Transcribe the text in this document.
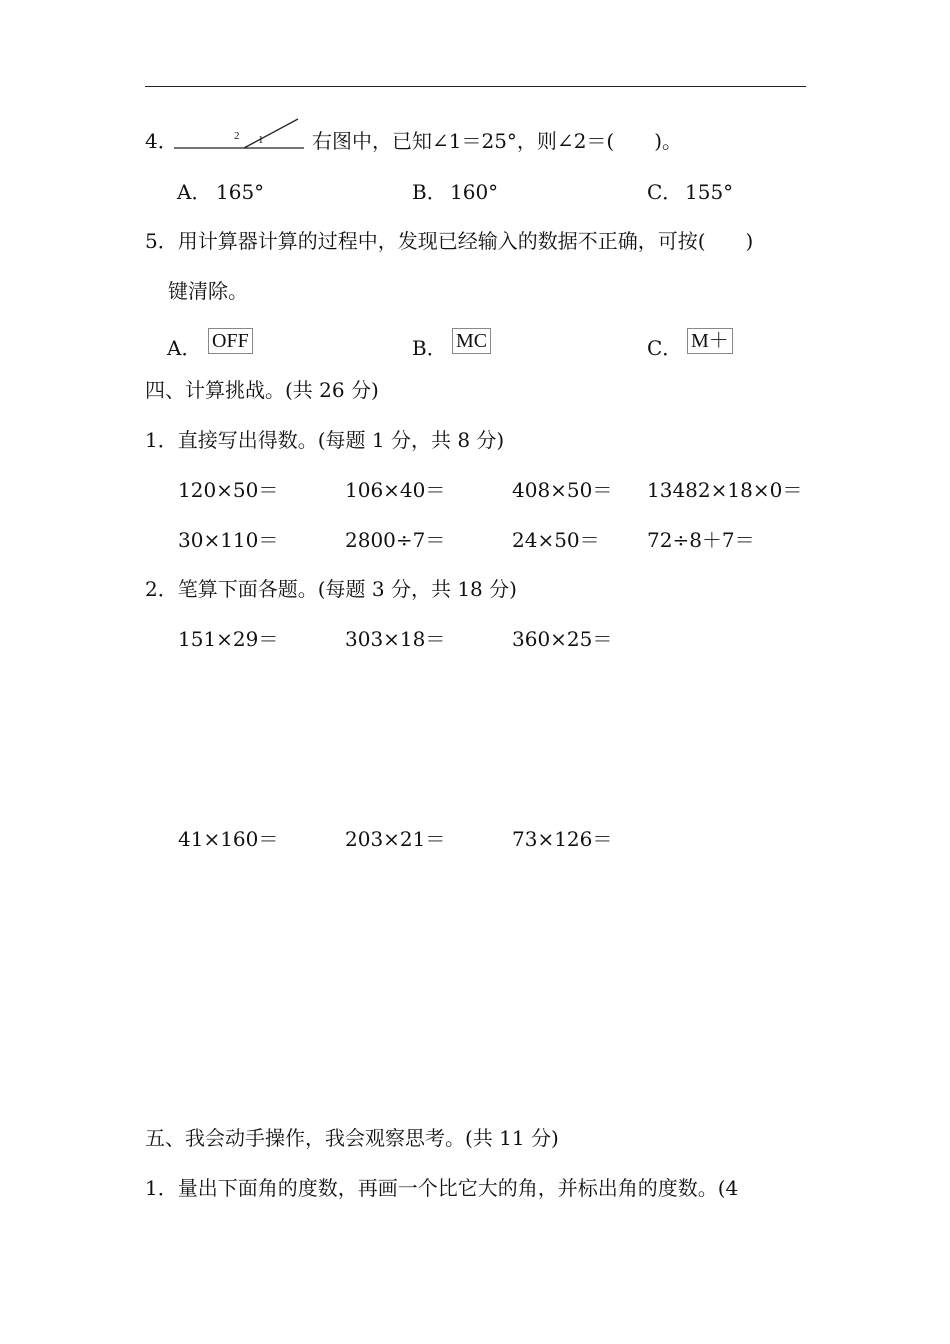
4．	2 1 右图中，已知∠1＝25°，则∠2＝(　　)。
A． 165°	B． 160°	C． 155°
5．用计算器计算的过程中，发现已经输入的数据不正确，可按(　　)
键清除。
A． OFF	B． MC	C． M＋
四、计算挑战。(共 26 分)
1．直接写出得数。(每题 1 分，共 8 分)
120×50＝	106×40＝	408×50＝ 13482×18×0＝
30×110＝	2800÷7＝	24×50＝ 72÷8＋7＝
2．笔算下面各题。(每题 3 分，共 18 分)
151×29＝	303×18＝	360×25＝
41×160＝	203×21＝	73×126＝
五、我会动手操作，我会观察思考。(共 11 分)
1．量出下面角的度数，再画一个比它大的角，并标出角的度数。(4
